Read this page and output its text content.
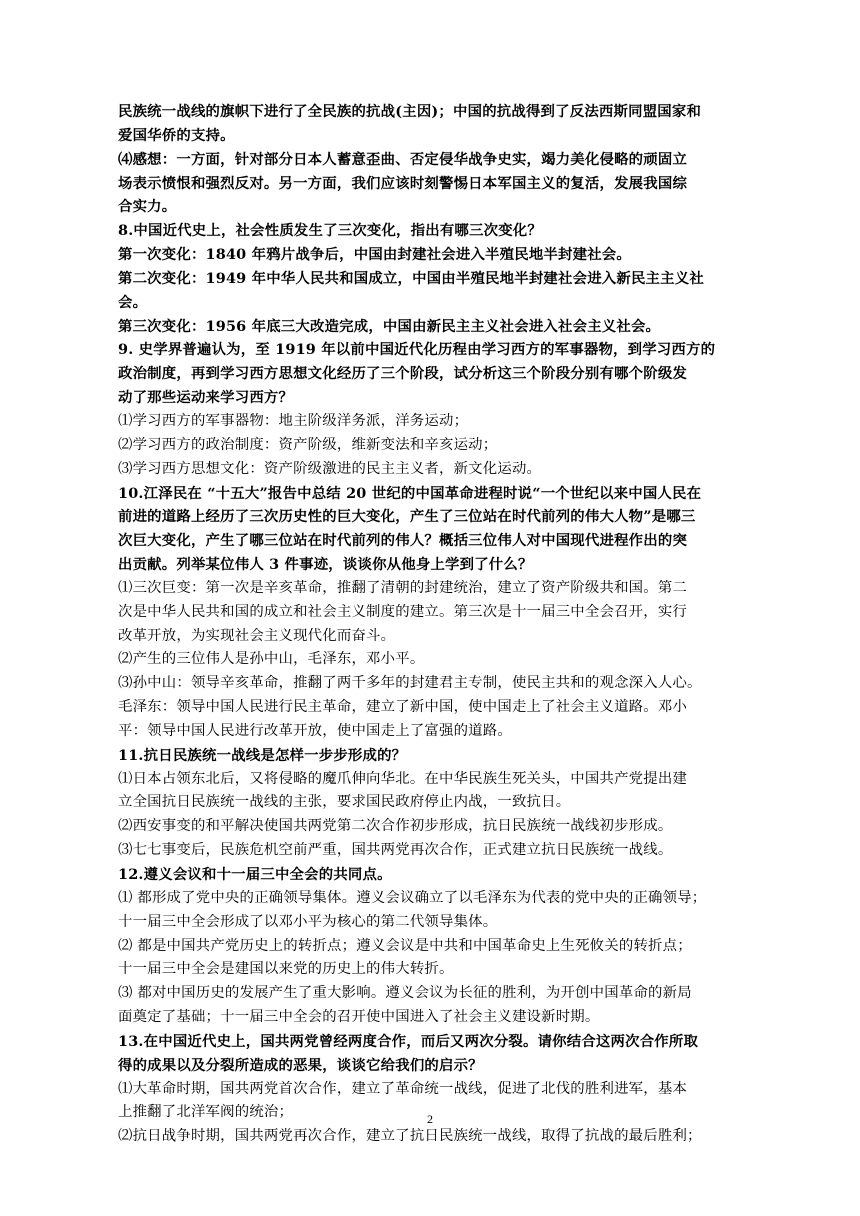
民族统一战线的旗帜下进行了全民族的抗战(主因)；中国的抗战得到了反法西斯同盟国家和
爱国华侨的支持。
⑷感想：一方面，针对部分日本人蓄意歪曲、否定侵华战争史实，竭力美化侵略的顽固立
场表示愤恨和强烈反对。另一方面，我们应该时刻警惕日本军国主义的复活，发展我国综
合实力。
8.中国近代史上，社会性质发生了三次变化，指出有哪三次变化？
第一次变化：1840 年鸦片战争后，中国由封建社会进入半殖民地半封建社会。
第二次变化：1949 年中华人民共和国成立，中国由半殖民地半封建社会进入新民主主义社
会。
第三次变化：1956 年底三大改造完成，中国由新民主主义社会进入社会主义社会。
9. 史学界普遍认为，至 1919 年以前中国近代化历程由学习西方的军事器物，到学习西方的
政治制度，再到学习西方思想文化经历了三个阶段，试分析这三个阶段分别有哪个阶级发
动了那些运动来学习西方？
⑴学习西方的军事器物：地主阶级洋务派，洋务运动；
⑵学习西方的政治制度：资产阶级，维新变法和辛亥运动；
⑶学习西方思想文化：资产阶级激进的民主主义者，新文化运动。
10.江泽民在 “十五大”报告中总结 20 世纪的中国革命进程时说“一个世纪以来中国人民在
前进的道路上经历了三次历史性的巨大变化，产生了三位站在时代前列的伟大人物”是哪三
次巨大变化，产生了哪三位站在时代前列的伟人？概括三位伟人对中国现代进程作出的突
出贡献。列举某位伟人 3 件事迹，谈谈你从他身上学到了什么？
⑴三次巨变：第一次是辛亥革命，推翻了清朝的封建统治，建立了资产阶级共和国。第二
次是中华人民共和国的成立和社会主义制度的建立。第三次是十一届三中全会召开，实行
改革开放，为实现社会主义现代化而奋斗。
⑵产生的三位伟人是孙中山，毛泽东，邓小平。
⑶孙中山：领导辛亥革命，推翻了两千多年的封建君主专制，使民主共和的观念深入人心。
毛泽东：领导中国人民进行民主革命，建立了新中国，使中国走上了社会主义道路。邓小
平：领导中国人民进行改革开放，使中国走上了富强的道路。
11.抗日民族统一战线是怎样一步步形成的？
⑴日本占领东北后，又将侵略的魔爪伸向华北。在中华民族生死关头，中国共产党提出建
立全国抗日民族统一战线的主张，要求国民政府停止内战，一致抗日。
⑵西安事变的和平解决使国共两党第二次合作初步形成，抗日民族统一战线初步形成。
⑶七七事变后，民族危机空前严重，国共两党再次合作，正式建立抗日民族统一战线。
12.遵义会议和十一届三中全会的共同点。
⑴ 都形成了党中央的正确领导集体。遵义会议确立了以毛泽东为代表的党中央的正确领导；
十一届三中全会形成了以邓小平为核心的第二代领导集体。
⑵ 都是中国共产党历史上的转折点；遵义会议是中共和中国革命史上生死攸关的转折点；
十一届三中全会是建国以来党的历史上的伟大转折。
⑶ 都对中国历史的发展产生了重大影响。遵义会议为长征的胜利，为开创中国革命的新局
面奠定了基础；十一届三中全会的召开使中国进入了社会主义建设新时期。
13.在中国近代史上，国共两党曾经两度合作，而后又两次分裂。请你结合这两次合作所取
得的成果以及分裂所造成的恶果，谈谈它给我们的启示？
⑴大革命时期，国共两党首次合作，建立了革命统一战线，促进了北伐的胜利进军，基本
上推翻了北洋军阀的统治；
⑵抗日战争时期，国共两党再次合作，建立了抗日民族统一战线，取得了抗战的最后胜利；
2
